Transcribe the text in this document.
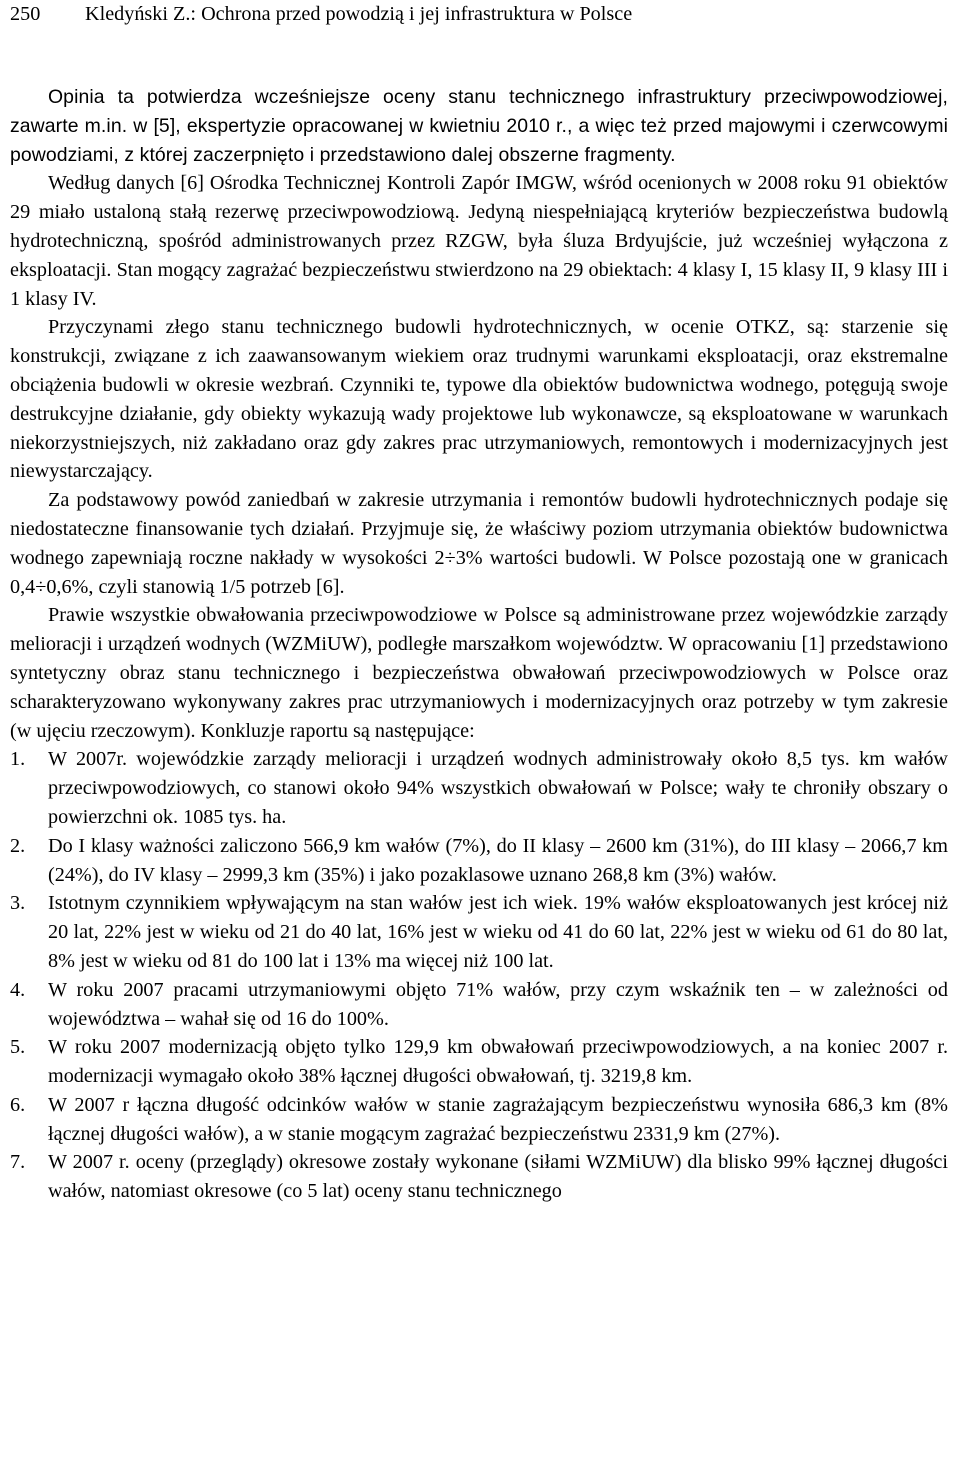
250 Kledyński Z.: Ochrona przed powodzią i jej infrastruktura w Polsce

Opinia ta potwierdza wcześniejsze oceny stanu technicznego infrastruktury przeciwpowodziowej, zawarte m.in. w [5], ekspertyzie opracowanej w kwietniu 2010 r., a więc też przed majowymi i czerwcowymi powodziami, z której zaczerpnięto i przedstawiono dalej obszerne fragmenty.

Według danych [6] Ośrodka Technicznej Kontroli Zapór IMGW, wśród ocenionych w 2008 roku 91 obiektów 29 miało ustaloną stałą rezerwę przeciwpowodziową. Jedyną niespełniającą kryteriów bezpieczeństwa budowlą hydrotechniczną, spośród administrowanych przez RZGW, była śluza Brdyujście, już wcześniej wyłączona z eksploatacji. Stan mogący zagrażać bezpieczeństwu stwierdzono na 29 obiektach: 4 klasy I, 15 klasy II, 9 klasy III i 1 klasy IV.

Przyczynami złego stanu technicznego budowli hydrotechnicznych, w ocenie OTKZ, są: starzenie się konstrukcji, związane z ich zaawansowanym wiekiem oraz trudnymi warunkami eksploatacji, oraz ekstremalne obciążenia budowli w okresie wezbrań. Czynniki te, typowe dla obiektów budownictwa wodnego, potęgują swoje destrukcyjne działanie, gdy obiekty wykazują wady projektowe lub wykonawcze, są eksploatowane w warunkach niekorzystniejszych, niż zakładano oraz gdy zakres prac utrzymaniowych, remontowych i modernizacyjnych jest niewystarczający.

Za podstawowy powód zaniedbań w zakresie utrzymania i remontów budowli hydrotechnicznych podaje się niedostateczne finansowanie tych działań. Przyjmuje się, że właściwy poziom utrzymania obiektów budownictwa wodnego zapewniają roczne nakłady w wysokości 2÷3% wartości budowli. W Polsce pozostają one w granicach 0,4÷0,6%, czyli stanowią 1/5 potrzeb [6].

Prawie wszystkie obwałowania przeciwpowodziowe w Polsce są administrowane przez wojewódzkie zarządy melioracji i urządzeń wodnych (WZMiUW), podległe marszałkom województw. W opracowaniu [1] przedstawiono syntetyczny obraz stanu technicznego i bezpieczeństwa obwałowań przeciwpowodziowych w Polsce oraz scharakteryzowano wykonywany zakres prac utrzymaniowych i modernizacyjnych oraz potrzeby w tym zakresie (w ujęciu rzeczowym). Konkluzje raportu są następujące:

1. W 2007r. wojewódzkie zarządy melioracji i urządzeń wodnych administrowały około 8,5 tys. km wałów przeciwpowodziowych, co stanowi około 94% wszystkich obwałowań w Polsce; wały te chroniły obszary o powierzchni ok. 1085 tys. ha.
2. Do I klasy ważności zaliczono 566,9 km wałów (7%), do II klasy – 2600 km (31%), do III klasy – 2066,7 km (24%), do IV klasy – 2999,3 km (35%) i jako pozaklasowe uznano 268,8 km (3%) wałów.
3. Istotnym czynnikiem wpływającym na stan wałów jest ich wiek. 19% wałów eksploatowanych jest krócej niż 20 lat, 22% jest w wieku od 21 do 40 lat, 16% jest w wieku od 41 do 60 lat, 22% jest w wieku od 61 do 80 lat, 8% jest w wieku od 81 do 100 lat i 13% ma więcej niż 100 lat.
4. W roku 2007 pracami utrzymaniowymi objęto 71% wałów, przy czym wskaźnik ten – w zależności od województwa – wahał się od 16 do 100%.
5. W roku 2007 modernizacją objęto tylko 129,9 km obwałowań przeciwpowodziowych, a na koniec 2007 r. modernizacji wymagało około 38% łącznej długości obwałowań, tj. 3219,8 km.
6. W 2007 r łączna długość odcinków wałów w stanie zagrażającym bezpieczeństwu wynosiła 686,3 km (8% łącznej długości wałów), a w stanie mogącym zagrażać bezpieczeństwu 2331,9 km (27%).
7. W 2007 r. oceny (przeglądy) okresowe zostały wykonane (siłami WZMiUW) dla blisko 99% łącznej długości wałów, natomiast okresowe (co 5 lat) oceny stanu technicznego
